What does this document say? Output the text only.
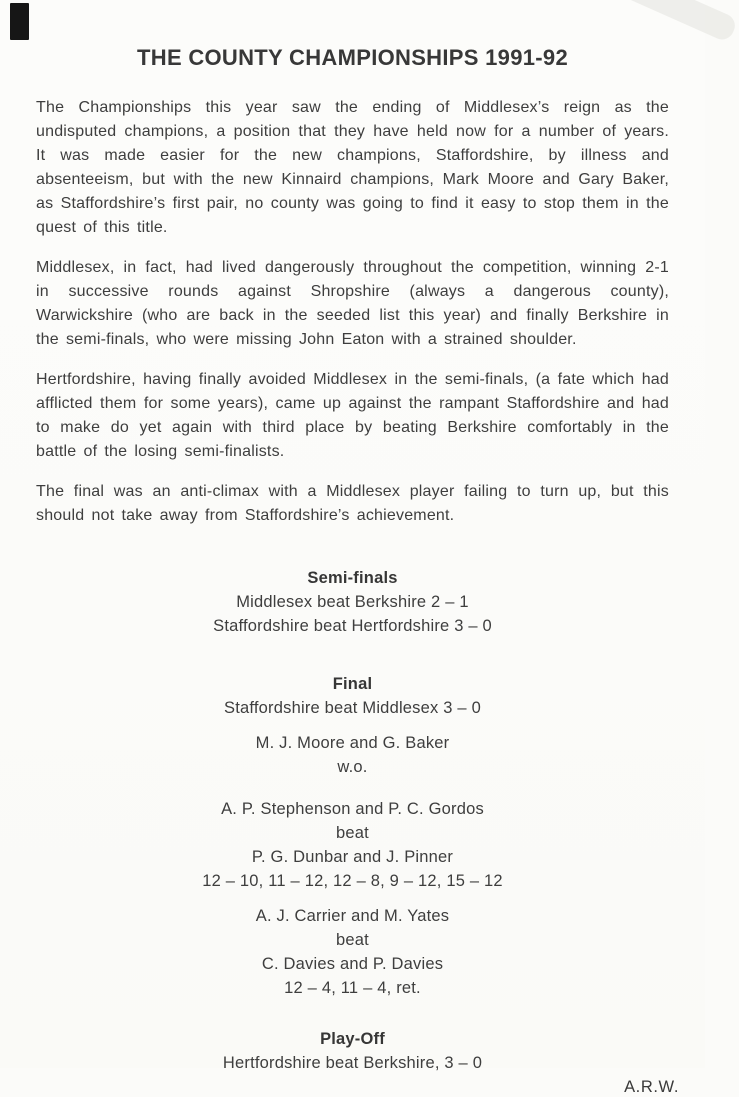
THE COUNTY CHAMPIONSHIPS 1991-92

The Championships this year saw the ending of Middlesex’s reign as the undisputed champions, a position that they have held now for a number of years. It was made easier for the new champions, Staffordshire, by illness and absenteeism, but with the new Kinnaird champions, Mark Moore and Gary Baker, as Staffordshire’s first pair, no county was going to find it easy to stop them in the quest of this title.

Middlesex, in fact, had lived dangerously throughout the competition, winning 2-1 in successive rounds against Shropshire (always a dangerous county), Warwickshire (who are back in the seeded list this year) and finally Berkshire in the semi-finals, who were missing John Eaton with a strained shoulder.

Hertfordshire, having finally avoided Middlesex in the semi-finals, (a fate which had afflicted them for some years), came up against the rampant Staffordshire and had to make do yet again with third place by beating Berkshire comfortably in the battle of the losing semi-finalists.

The final was an anti-climax with a Middlesex player failing to turn up, but this should not take away from Staffordshire’s achievement.

Semi-finals
Middlesex beat Berkshire 2 – 1
Staffordshire beat Hertfordshire 3 – 0
Final
Staffordshire beat Middlesex 3 – 0
M. J. Moore and G. Baker
w.o.
A. P. Stephenson and P. C. Gordos
beat
P. G. Dunbar and J. Pinner
12 – 10, 11 – 12, 12 – 8, 9 – 12, 15 – 12
A. J. Carrier and M. Yates
beat
C. Davies and P. Davies
12 – 4, 11 – 4, ret.
Play-Off
Hertfordshire beat Berkshire, 3 – 0
A.R.W.
